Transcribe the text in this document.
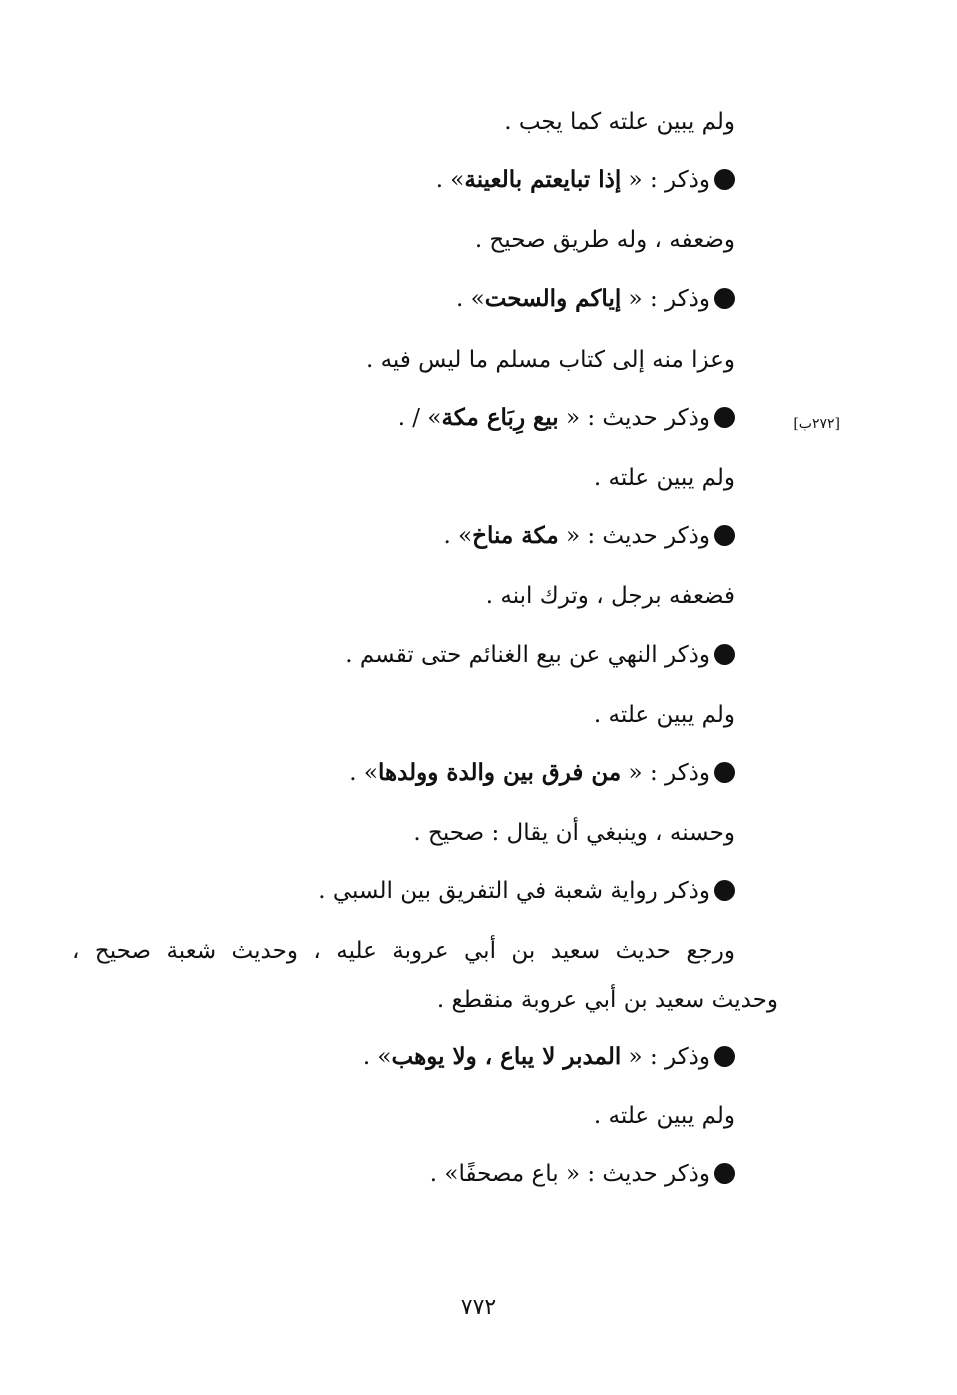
ولم يبين علته كما يجب .
وذكر : « إذا تبايعتم بالعينة» .
وضعفه ، وله طريق صحيح .
وذكر : « إياكم والسحت» .
وعزا منه إلى كتاب مسلم ما ليس فيه .
وذكر حديث : « بيع رِبَاع مكة» / .	[٢٧٢ب]
ولم يبين علته .
وذكر حديث : « مكة مناخ» .
فضعفه برجل ، وترك ابنه .
وذكر النهي عن بيع الغنائم حتى تقسم .
ولم يبين علته .
وذكر : « من فرق بين والدة وولدها» .
وحسنه ، وينبغي أن يقال : صحيح .
وذكر رواية شعبة في التفريق بين السبي .
ورجع حديث سعيد بن أبي عروبة عليه ، وحديث شعبة صحيح ،
وحديث سعيد بن أبي عروبة منقطع .
وذكر : « المدبر لا يباع ، ولا يوهب» .
ولم يبين علته .
وذكر حديث : « باع مصحفًا» .
٧٧٢
